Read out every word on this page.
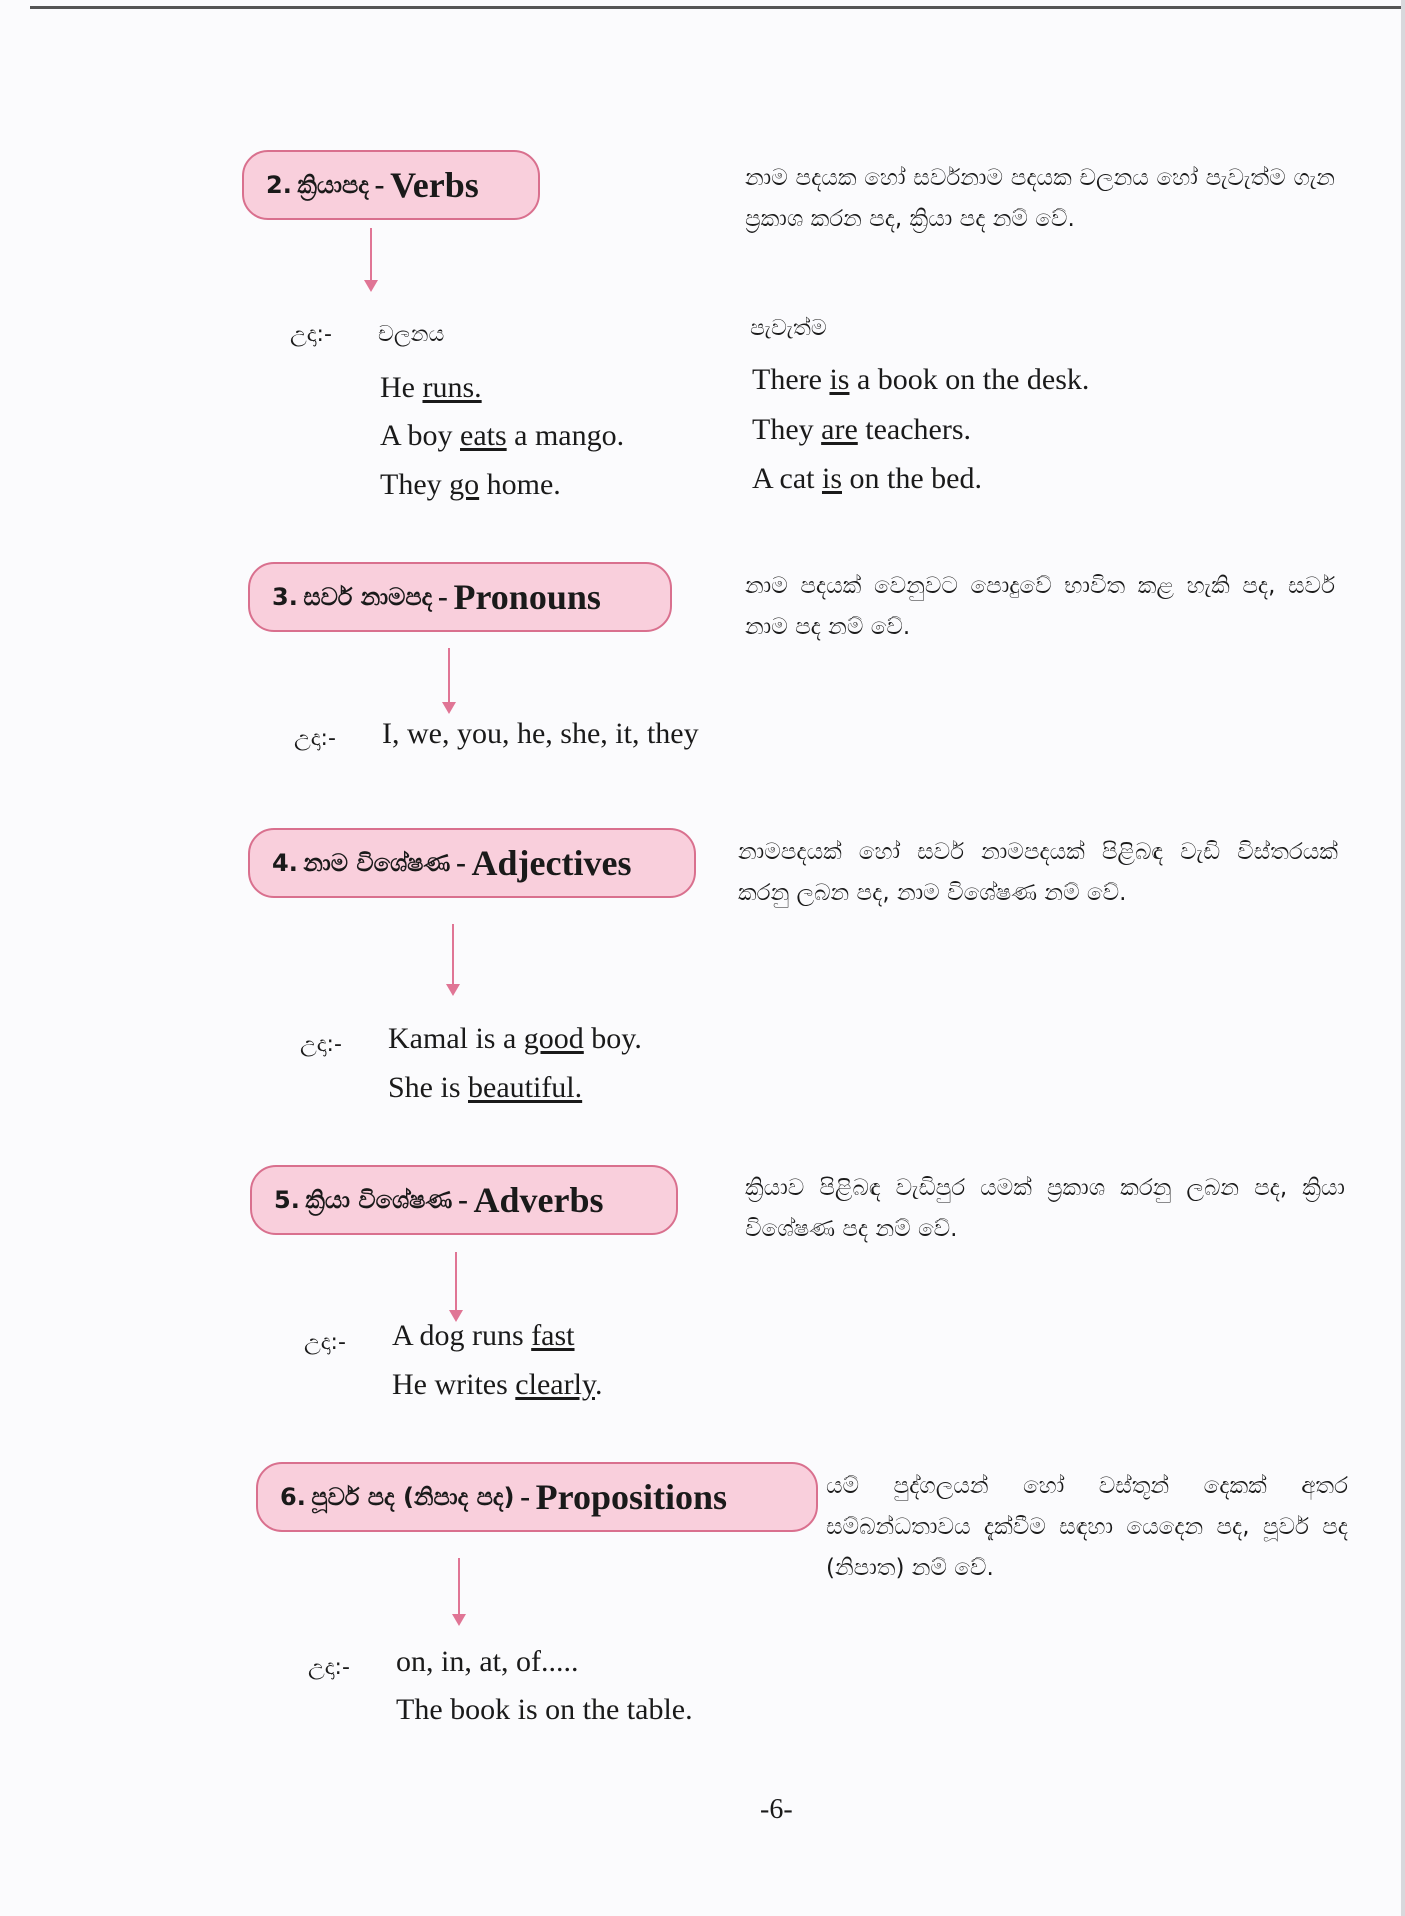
2.
ක්‍රියාපද
-
Verbs	නාම පදයක හෝ සර්වනාම පදයක චලනය හෝ පැවැත්ම ගැන ප්‍රකාශ කරන පද, ක්‍රියා පද නම් වේ.
උදා:- චලනය	පැවැත්ම
He runs.
A boy eats a mango.
They go home.
There is a book on the desk.
They are teachers.
A cat is on the bed.
3.
සර්ව නාමපද
-
Pronouns	නාම පදයක් වෙනුවට පොදුවේ භාවිත කළ හැකි පද, සර්ව නාම පද නම් වේ.
උදා:- I, we, you, he, she, it, they
4.
නාම විශේෂණ
-
Adjectives	නාමපදයක් හෝ සර්ව නාමපදයක් පිළිබඳ වැඩි විස්තරයක් කරනු ලබන පද, නාම විශේෂණ නම් වේ.
උදා:- Kamal is a good boy.
She is beautiful.
5.
ක්‍රියා විශේෂණ
-
Adverbs	ක්‍රියාව පිළිබඳ වැඩිපුර යමක් ප්‍රකාශ කරනු ලබන පද, ක්‍රියා විශේෂණ පද නම් වේ.
උදා:- A dog runs fast
He writes clearly.
6.
පූර්ව පද (නිපාද පද)
-
Propositions	යම් පුද්ගලයන් හෝ වස්තූන් දෙකක් අතර සම්බන්ධතාවය දැක්වීම සඳහා යෙදෙන පද, පූර්ව පද (නිපාත) නම් වේ.
උදා:- on, in, at, of.....
The book is on the table.
-6-
